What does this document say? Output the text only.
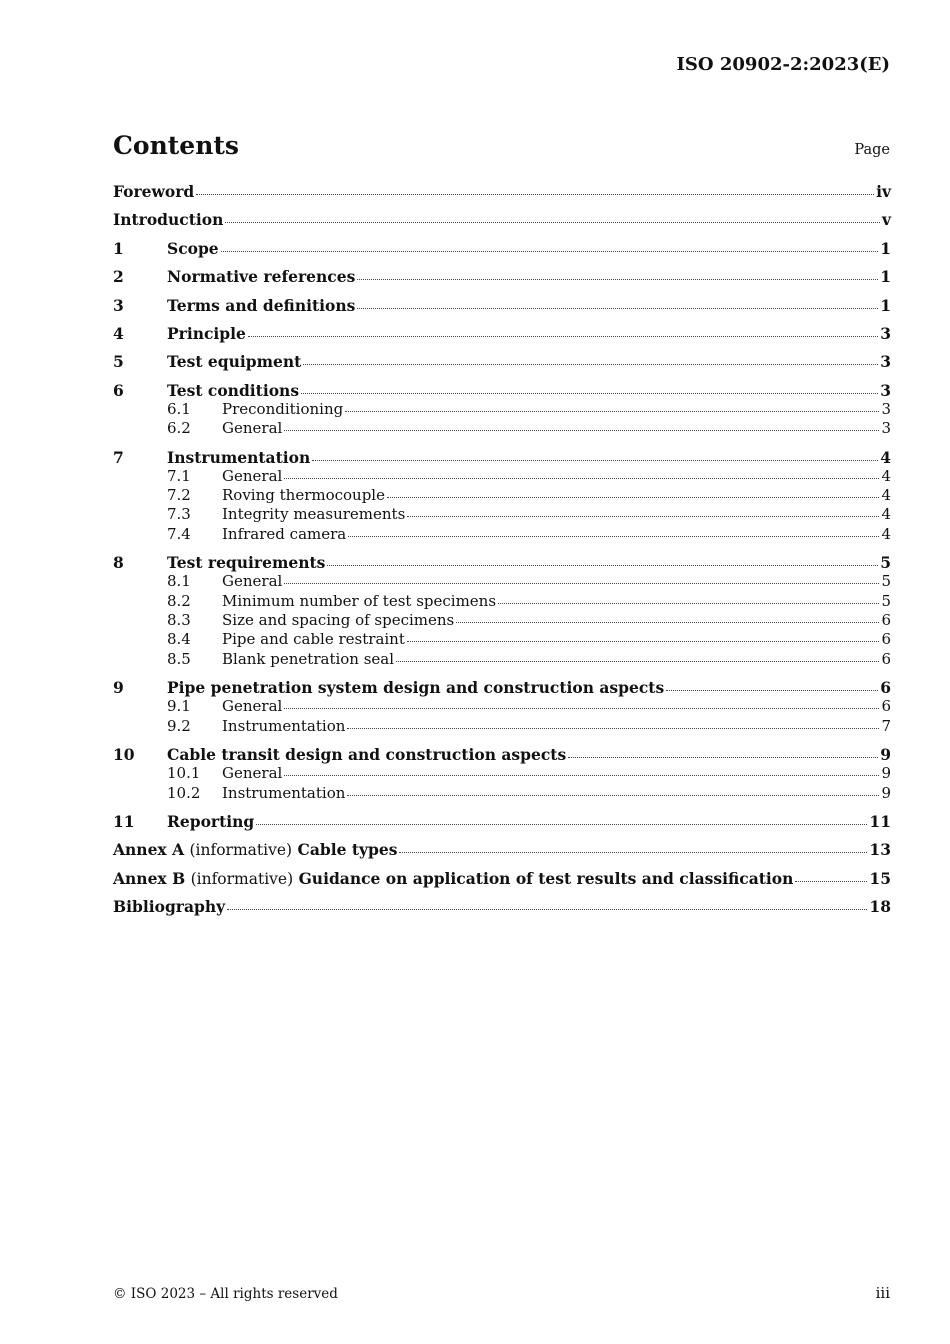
ISO 20902-2:2023(E)
Contents	Page
Foreword	iv
Introduction	v
1	Scope	1
2	Normative references	1
3	Terms and definitions	1
4	Principle	3
5	Test equipment	3
6	Test conditions	3
6.1	Preconditioning	3
6.2	General	3
7	Instrumentation	4
7.1	General	4
7.2	Roving thermocouple	4
7.3	Integrity measurements	4
7.4	Infrared camera	4
8	Test requirements	5
8.1	General	5
8.2	Minimum number of test specimens	5
8.3	Size and spacing of specimens	6
8.4	Pipe and cable restraint	6
8.5	Blank penetration seal	6
9	Pipe penetration system design and construction aspects	6
9.1	General	6
9.2	Instrumentation	7
10	Cable transit design and construction aspects	9
10.1	General	9
10.2	Instrumentation	9
11	Reporting	11
Annex A (informative) Cable types	13
Annex B (informative) Guidance on application of test results and classification	15
Bibliography	18
© ISO 2023 – All rights reserved	iii
